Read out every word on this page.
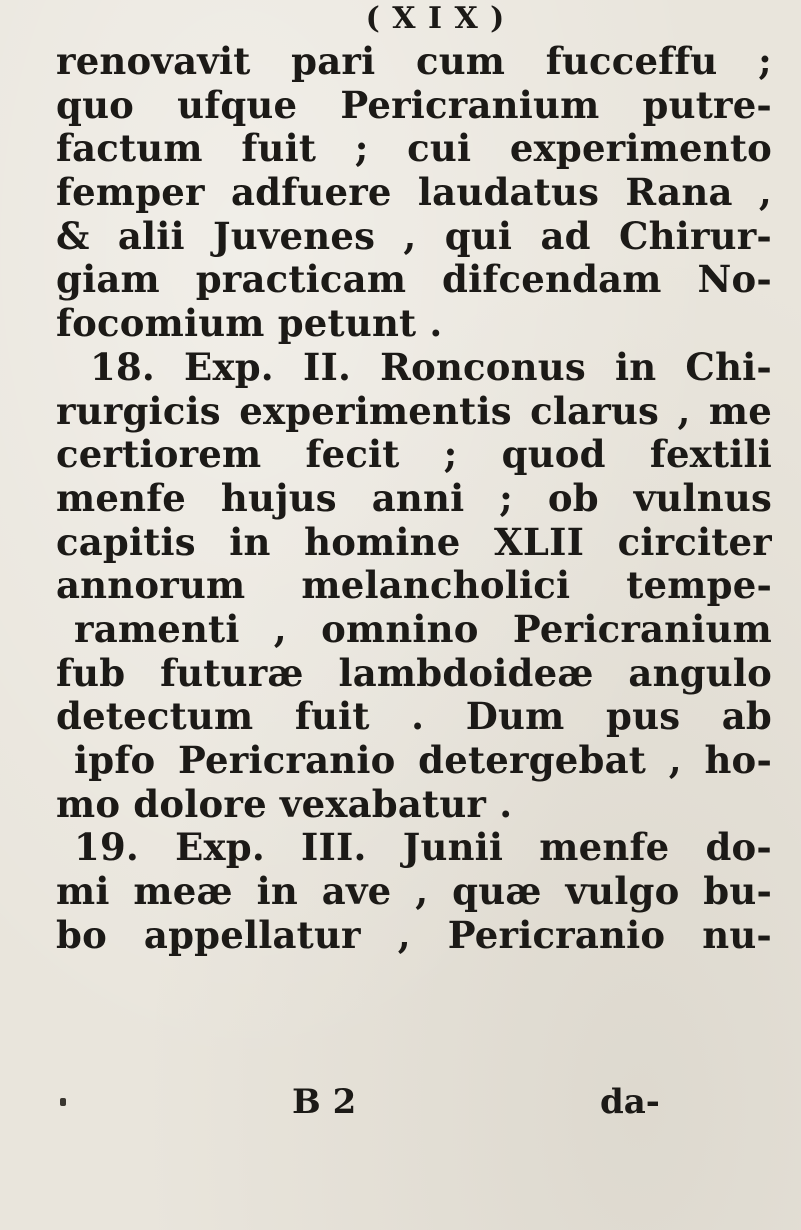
( X I X )
renovavit pari cum fucceffu ;
quo ufque Pericranium putre-
factum fuit ; cui experimento
femper adfuere laudatus Rana ,
& alii Juvenes , qui ad Chirur-
giam practicam difcendam No-
focomium petunt .
18. Exp. II. Ronconus in Chi-
rurgicis experimentis clarus , me
certiorem fecit ; quod fextili
menfe hujus anni ; ob vulnus
capitis in homine XLII circiter
annorum melancholici tempe-
ramenti , omnino Pericranium
fub futuræ lambdoideæ angulo
detectum fuit . Dum pus ab
ipfo Pericranio detergebat , ho-
mo dolore vexabatur .
19. Exp. III. Junii menfe do-
mi meæ in ave , quæ vulgo bu-
bo appellatur , Pericranio nu-
B 2	da-
